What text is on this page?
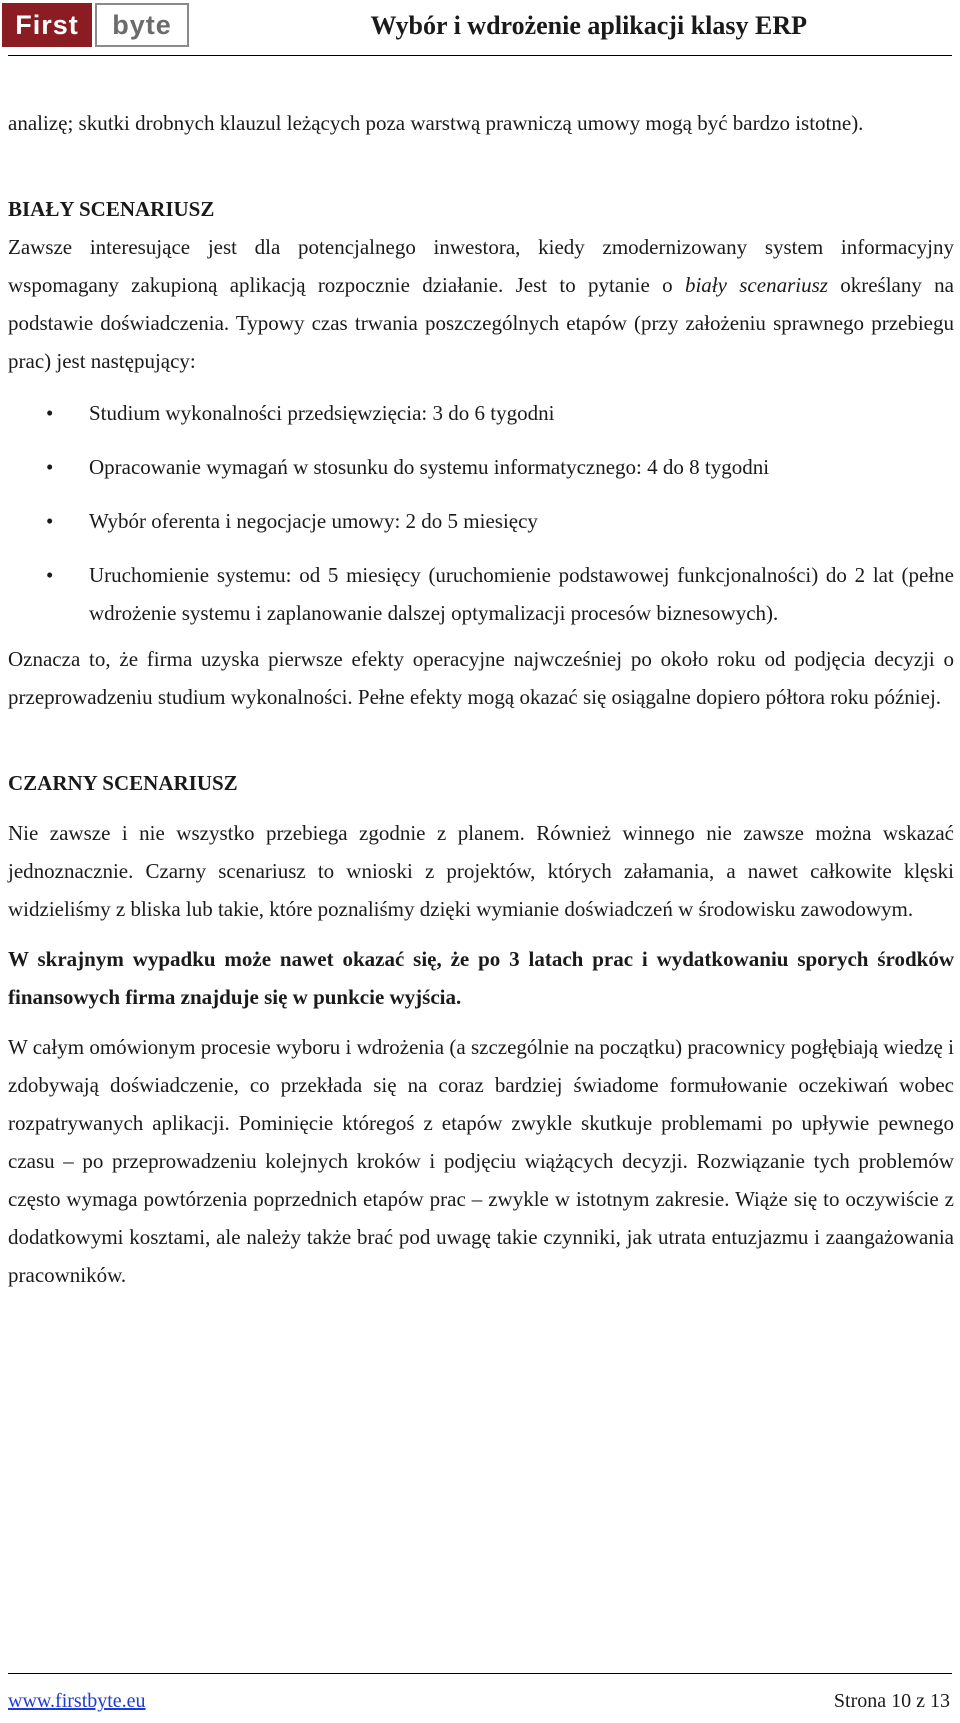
First	byte	Wybór i wdrożenie aplikacji klasy ERP

analizę; skutki drobnych klauzul leżących poza warstwą prawniczą umowy mogą być bardzo istotne).

BIAŁY SCENARIUSZ

Zawsze interesujące jest dla potencjalnego inwestora, kiedy zmodernizowany system informacyjny wspomagany zakupioną aplikacją rozpocznie działanie. Jest to pytanie o biały scenariusz określany na podstawie doświadczenia. Typowy czas trwania poszczególnych etapów (przy założeniu sprawnego przebiegu prac) jest następujący:

• Studium wykonalności przedsięwzięcia: 3 do 6 tygodni
• Opracowanie wymagań w stosunku do systemu informatycznego: 4 do 8 tygodni
• Wybór oferenta i negocjacje umowy: 2 do 5 miesięcy
• Uruchomienie systemu: od 5 miesięcy (uruchomienie podstawowej funkcjonalności) do 2 lat (pełne wdrożenie systemu i zaplanowanie dalszej optymalizacji procesów biznesowych).

Oznacza to, że firma uzyska pierwsze efekty operacyjne najwcześniej po około roku od podjęcia decyzji o przeprowadzeniu studium wykonalności. Pełne efekty mogą okazać się osiągalne dopiero półtora roku później.

CZARNY SCENARIUSZ

Nie zawsze i nie wszystko przebiega zgodnie z planem. Również winnego nie zawsze można wskazać jednoznacznie. Czarny scenariusz to wnioski z projektów, których załamania, a nawet całkowite klęski widzieliśmy z bliska lub takie, które poznaliśmy dzięki wymianie doświadczeń w środowisku zawodowym.

W skrajnym wypadku może nawet okazać się, że po 3 latach prac i wydatkowaniu sporych środków finansowych firma znajduje się w punkcie wyjścia.

W całym omówionym procesie wyboru i wdrożenia (a szczególnie na początku) pracownicy pogłębiają wiedzę i zdobywają doświadczenie, co przekłada się na coraz bardziej świadome formułowanie oczekiwań wobec rozpatrywanych aplikacji. Pominięcie któregoś z etapów zwykle skutkuje problemami po upływie pewnego czasu – po przeprowadzeniu kolejnych kroków i podjęciu wiążących decyzji. Rozwiązanie tych problemów często wymaga powtórzenia poprzednich etapów prac – zwykle w istotnym zakresie. Wiąże się to oczywiście z dodatkowymi kosztami, ale należy także brać pod uwagę takie czynniki, jak utrata entuzjazmu i zaangażowania pracowników.

www.firstbyte.eu	Strona 10 z 13
